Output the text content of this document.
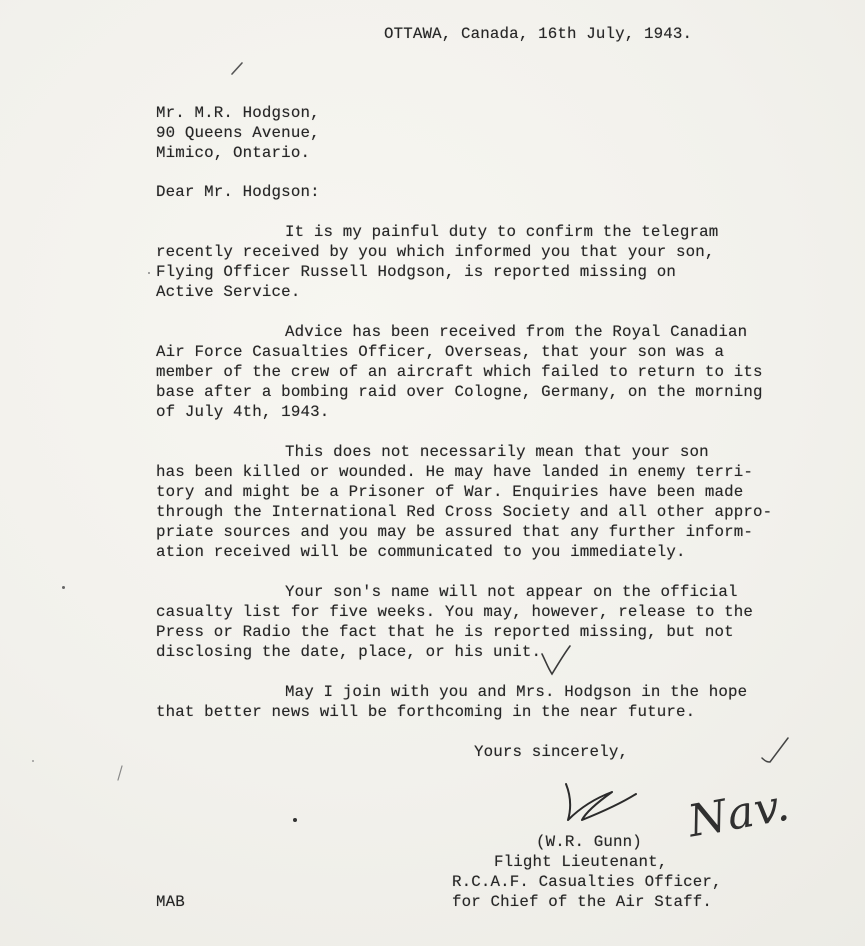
OTTAWA, Canada, 16th July, 1943.
Mr. M.R. Hodgson,
90 Queens Avenue,
Mimico, Ontario.
Dear Mr. Hodgson:
It is my painful duty to confirm the telegram
recently received by you which informed you that your son,
Flying Officer Russell Hodgson, is reported missing on
Active Service.
Advice has been received from the Royal Canadian
Air Force Casualties Officer, Overseas, that your son was a
member of the crew of an aircraft which failed to return to its
base after a bombing raid over Cologne, Germany, on the morning
of July 4th, 1943.
This does not necessarily mean that your son
has been killed or wounded. He may have landed in enemy terri-
tory and might be a Prisoner of War. Enquiries have been made
through the International Red Cross Society and all other appro-
priate sources and you may be assured that any further inform-
ation received will be communicated to you immediately.
Your son's name will not appear on the official
casualty list for five weeks. You may, however, release to the
Press or Radio the fact that he is reported missing, but not
disclosing the date, place, or his unit.
May I join with you and Mrs. Hodgson in the hope
that better news will be forthcoming in the near future.
Yours sincerely,
(W.R. Gunn)
Flight Lieutenant,
R.C.A.F. Casualties Officer,
for Chief of the Air Staff.
MAB
Nav.
